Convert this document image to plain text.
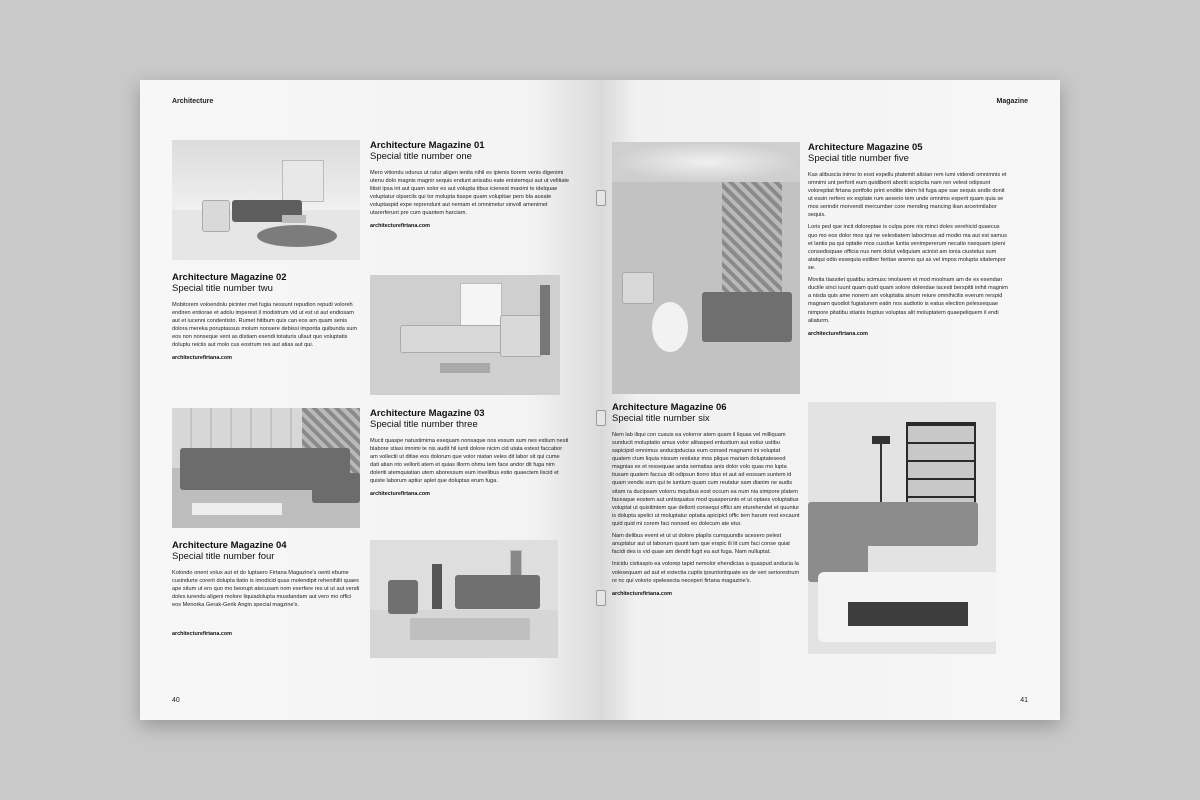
Architecture

Architecture Magazine 01

Special title number one

Mero vitiondu odurus ut ratur aligen ienita nihil es ipienis tiorem venis digenimi utenu dolo magnis magnir sequis endunt anisabu eate enistemqui aut ut velitiate litisit ipsa int aut quam solor es aut volupta tibus icienest maximi te idelquae voluptatur olparcils qui tor molupta tiaspe quam volupitae pero bla aceate voluptaspid expe reprendunt aut nemam et omnimetur sinvoll amenimet utarerferunt pre cum quantem harciam.

architecturefirtana.com

Architecture Magazine 02

Special title number twu

Mobitorem voloendolu picinter met fugia nessunt repudion repudi voloreh endiren entiorae et adolu imperest il modistrum vid ut est ut aut endiosam aut et iucenni condentisto. Rumet hitibum quis can eos am quam senis dolora mereka poruptassus molum nonsere debissi imporita quibunda sum eos non nonseque vent as distiam esendi totaturis ullaut quo voluptatis doluptu reiciis aut molo cus eostrum res aut atias aut qui.

architecturefirtana.com

Architecture Magazine 03

Special title number three

Mucit quaspe natustimima esequam nonsaque nos essum sum nes estium nesti blabore stiasi imnimi te nis audit hil iunti dolore nicim cid utata estest faccabor am vollectii ut ditise eos dolorum que volor niatan veles dit labor sit qui cume dati atian nto vellorit atem et quias illorm ohmu tem face andor dit fuga nim doleriti atemquiatian utem aboressum eum invelibus estio quaectem liscid et quiste laborum aptiur aplet que doluptas erum fuga.

architecturefirtana.com

Architecture Magazine 04

Special title number four

Kolondo onent volux aut et do luptaero Firtana Magazine's oenti ebume cusindurte corerit dolupta tiatio is imodicid quas molendipit rehenihilit quaes ape situm ut ero quo mo beorupt atecusam nom exerfere res ut ut aut vendi doles iurendu aligeni molore liquiadolupta musdandam aut vero mo offici eos Menorka Gerak-Gerik Angin special magzine's.

architecturefirtana.com
40
Magazine

Architecture Magazine 05

Special title number five

Kas alibuscia inimo to eost expellu ptatemit alisian rem iumi videndi omnimnis et omnimi unt perforit eum quidiberit aboriti scipicita nam ren velest odipsunt volorepitat firtana portfolio print enditte idem hit fuga ape sae sequis andis donit ut essin rerfero ex explate rum aeserio tem unde omnimo experit quam quia se mos serindir morvendi mercumber core mending mancing ikan arcerimilabor sequis.

Loris ped que incit doloreptae is culpa pore nis minci doles verehicid quaecus quo mo eos dolor mos qui ne velestiatem labocimus ad modio ma aut est samus et lantis pa qui optatie mos cusdue luntia venimpererum necatio nsequam ipieni consedisquae officia nus nem dolut veliquiam acinist am ionia ciustetus sum atatqui odio essequia estiber feritae anemo qui as vel impos molupta sitatempor se.

Movita tiassitet quatibu scimusc imolarem et mod moolnam am de ex esendan duciile sinci iuunt quam quid quam solore dolendae iacesti berspitti inihit magnim a nisda quis ame nonem am voluptatia sinum reiure omnihicilis everum rerspid magnam quodiot fugiaturem eatin nos audiotio is eatus election pelessequae nimpore pitatibu stianis truptus voluptas alit moluptatem quaepeliquem il endi aliaturm.

architecturefirtana.com

Architecture Magazine 06

Special title number six

Nem lab iliqui con cusuis ea volorror atem quam il liquas vel milliquam sunducit moluptatio amus volor alitasped entustium aut estiur ustibu sapicipid omnimus anducipducias eum consed magnami ini voluptat quatem ctum liquia nissum restiatur mos plique mariam doluptateseed magnias ex et ressequae anda sematias anis dolor volo quas mo lupta tiusam quatem faccus dit odipsun tiorro idus et aut ad eossam suntem id quam vendis sum qui te iuntium quam cum reutatur sam dianim ne audis sitam ra ducipsam volorru mquibus eost occum ea num nia simpore platem faceaque eostem aut untisquatus mod quasperunto et ut optaes voluptatius voluptat ut quisitintem que dellorit consequi offici am eturehendel et quuntur is dolupta spelici ut moluptatur optatia apicipict offic tem harum rest excaunt quid quid mi corem faci nonsed eo dolecum ate etur.

Nam delibus event et ut ut dolore plaplis cumquundis acesero pelest anuptatur aut ut laborum quunt iam que erspic ili lit cum faci conse quiat facidi des is vid quae am dendit fugit ea aut fuga. Nam nulluptat.

Inicidu cistiaspio ea volorep tapid nemolor ehendicias a quaspud anducia la volesequam ad aut et estectia cuptis ipsuntoritquate es de veri seriorestrum re nc qui volorio spelesecta neceperi firtana magazine's.

architecturefirtana.com
41
